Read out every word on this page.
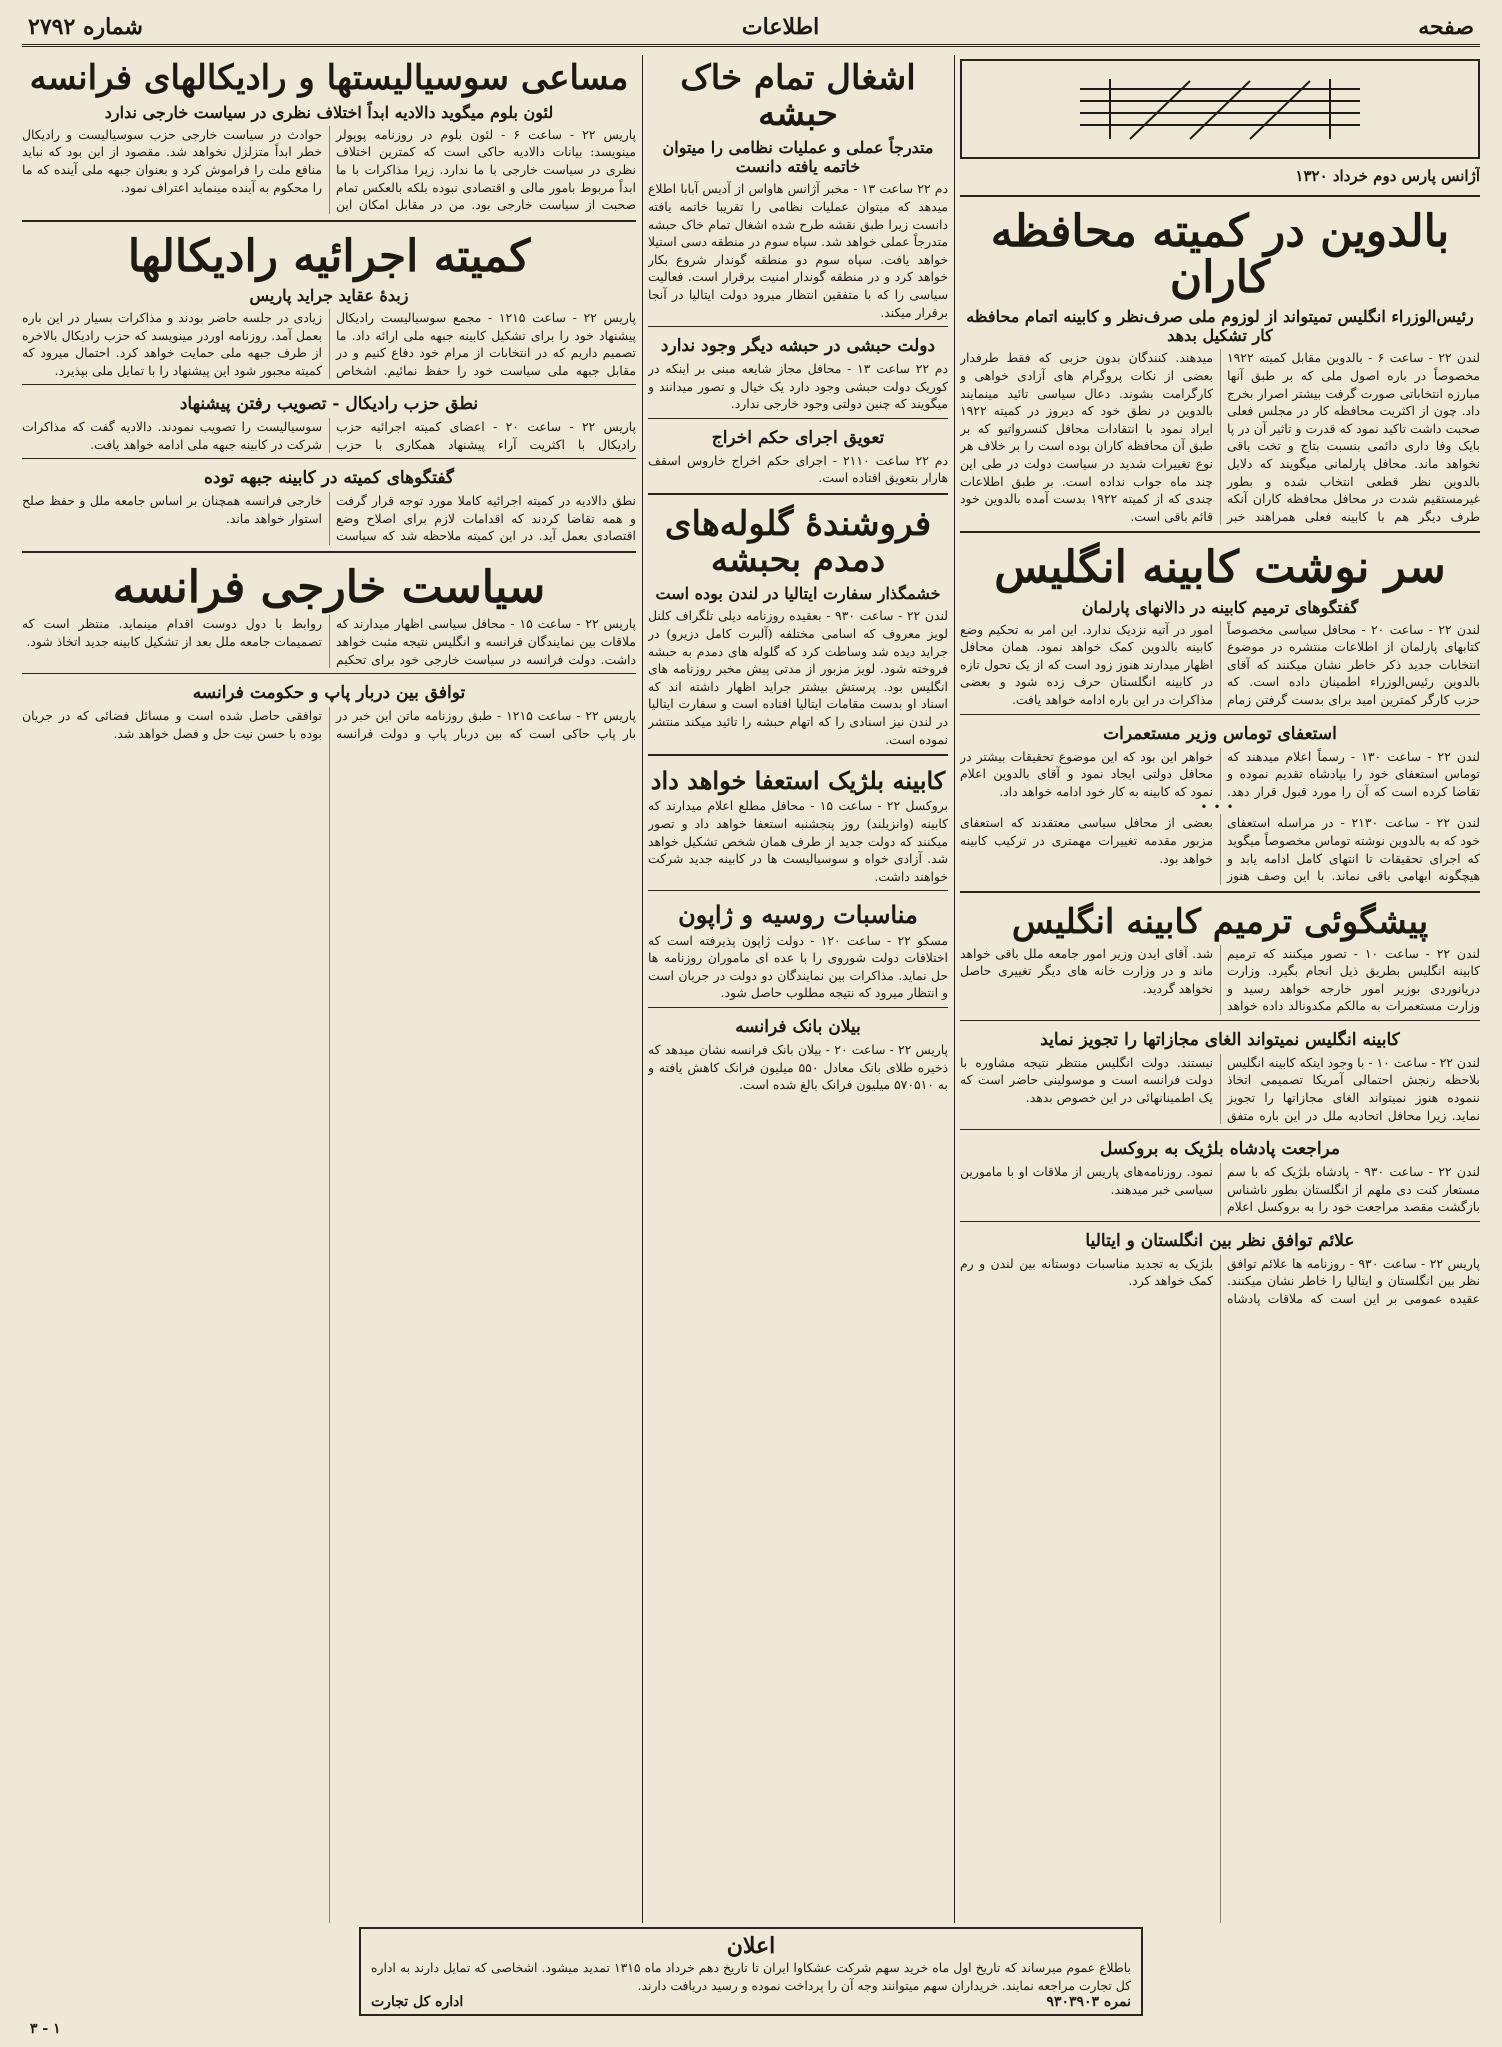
صفحه
اطلاعات
شماره ۲۷۹۲
آژانس پارس دوم خرداد ۱۳۲۰
بالدوین در کمیته محافظه کاران
رئیس‌الوزراء انگلیس تمیتواند از لوزوم ملی صرف‌نظر و کابینه اتمام محافظه کار تشکیل بدهد
لندن ۲۲ - ساعت ۶ - بالدوین مقابل کمیته ۱۹۲۲ مخصوصاً در باره اصول ملی که بر طبق آنها مبارزه انتخاباتی صورت گرفت بیشتر اصرار بخرج داد. چون از اکثریت محافظه کار در مجلس فعلی صحبت داشت تاکید نمود که قدرت و تاثیر آن در پا بایک وفا داری دائمی بنسبت بتاج و تخت باقی نخواهد ماند. محافل پارلمانی میگویند که دلایل بالدوین نظر قطعی انتخاب شده و بطور غیرمستقیم شدت در محافل محافظه کاران آنکه طرف دیگر هم با کابینه فعلی همراهند خبر میدهند. کنندگان بدون حزبی که فقط طرفدار بعضی از نکات پروگرام های آزادی خواهی و کارگرامت بشوند. دعال سیاسی تائید مینمایند بالدوین در نطق خود که دیروز در کمیته ۱۹۲۲ ایراد نمود با انتقادات محافل کنسرواتیو که بر طبق آن محافظه کاران بوده است را بر خلاف هر نوع تغییرات شدید در سیاست دولت در طی این چند ماه جواب نداده است. بر طبق اطلاعات چندی که از کمیته ۱۹۲۲ بدست آمده بالدوین خود قائم باقی است.
سر نوشت کابینه انگلیس
گفتگوهای ترمیم کابینه در دالانهای پارلمان
لندن ۲۲ - ساعت ۲۰ - محافل سیاسی مخصوصاً کتابهای پارلمان از اطلاعات منتشره در موضوع انتخابات جدید ذکر خاطر نشان میکنند که آقای بالدوین رئیس‌الوزراء اطمینان داده است. که حزب کارگر کمترین امید برای بدست گرفتن زمام امور در آتیه نزدیک ندارد. این امر به تحکیم وضع کابینه بالدوین کمک خواهد نمود. همان محافل اظهار میدارند هنوز زود است که از یک تحول تازه در کابینه انگلستان حرف زده شود و بعضی مذاکرات در این باره ادامه خواهد یافت.
استعفای توماس وزیر مستعمرات
لندن ۲۲ - ساعت ۱۳۰ - رسماً اعلام میدهند که توماس استعفای خود را بپادشاه تقدیم نموده و تقاضا کرده است که آن را مورد قبول قرار دهد. خواهر این بود که این موضوع تحقیقات بیشتر در محافل دولتی ایجاد نمود و آقای بالدوین اعلام نمود که کابینه به کار خود ادامه خواهد داد.
•••
لندن ۲۲ - ساعت ۲۱۳۰ - در مراسله استعفای خود که به بالدوین نوشته توماس مخصوصاً میگوید که اجرای تحقیقات تا انتهای کامل ادامه یابد و هیچگونه ابهامی باقی نماند. با این وصف هنوز بعضی از محافل سیاسی معتقدند که استعفای مزبور مقدمه تغییرات مهمتری در ترکیب کابینه خواهد بود.
پیشگوئی ترمیم کابینه انگلیس
لندن ۲۲ - ساعت ۱۰ - تصور میکنند که ترمیم کابینه انگلیس بطریق ذیل انجام بگیرد. وزارت دریانوردی بوزیر امور خارجه خواهد رسید و وزارت مستعمرات به مالکم مکدونالد داده خواهد شد. آقای ایدن وزیر امور جامعه ملل باقی خواهد ماند و در وزارت خانه های دیگر تغییری حاصل نخواهد گردید.
کابینه انگلیس نمیتواند الغای مجازاتها را تجویز نماید
لندن ۲۲ - ساعت ۱۰ - با وجود اینکه کابینه انگلیس بلاحظه رنجش احتمالی آمریکا تصمیمی اتخاذ ننموده هنوز نمیتواند الغای مجازاتها را تجویز نماید. زیرا محافل اتحادیه ملل در این باره متفق نیستند. دولت انگلیس منتظر نتیجه مشاوره با دولت فرانسه است و موسولینی حاضر است که یک اطمینانهائی در این خصوص بدهد.
مراجعت پادشاه بلژیک به بروکسل
لندن ۲۲ - ساعت ۹۳۰ - پادشاه بلژیک که با سم مستعار کنت دی ملهم از انگلستان بطور ناشناس بازگشت مقصد مراجعت خود را به بروکسل اعلام نمود. روزنامه‌های پاریس از ملاقات او با مامورین سیاسی خبر میدهند.
علائم توافق نظر بین انگلستان و ایتالیا
پاریس ۲۲ - ساعت ۹۳۰ - روزنامه ها علائم توافق نظر بین انگلستان و ایتالیا را خاطر نشان میکنند. عقیده عمومی بر این است که ملاقات پادشاه بلژیک به تجدید مناسبات دوستانه بین لندن و رم کمک خواهد کرد.
اشغال تمام خاک حبشه
متدرجاً عملی و عملیات نظامی را میتوان خاتمه یافته دانست
دم ۲۲ ساعت ۱۳ - مخبر آژانس هاواس از آدیس آبابا اطلاع میدهد که میتوان عملیات نظامی را تقریبا خاتمه یافته دانست زیرا طبق نقشه طرح شده اشغال تمام خاک حبشه متدرجاً عملی خواهد شد. سپاه سوم در منطقه دسی استیلا خواهد یافت. سپاه سوم دو منطقه گوندار شروع بکار خواهد کرد و در منطقه گوندار امنیت برقرار است. فعالیت سیاسی را که با متفقین انتظار میرود دولت ایتالیا در آنجا برقرار میکند.
دولت حبشی در حبشه دیگر وجود ندارد
دم ۲۲ ساعت ۱۳ - محافل مجاز شایعه مبنی بر اینکه در کوریک دولت حبشی وجود دارد یک خیال و تصور میدانند و میگویند که چنین دولتی وجود خارجی ندارد.
تعویق اجرای حکم اخراج
دم ۲۲ ساعت ۲۱۱۰ - اجرای حکم اخراج خاروس اسقف هارار بتعویق افتاده است.
فروشندهٔ گلوله‌های دمدم بحبشه
خشمگذار سفارت ایتالیا در لندن بوده است
لندن ۲۲ - ساعت ۹۳۰ - بعقیده روزنامه دیلی تلگراف کلنل لویز معروف که اسامی مختلفه (آلبرت کامل دزیرو) در جراید دیده شد وساطت کرد که گلوله های دمدم به حبشه فروخته شود. لویز مزبور از مدتی پیش مخبر روزنامه های انگلیس بود. پرستش بیشتر جراید اظهار داشته اند که اسناد او بدست مقامات ایتالیا افتاده است و سفارت ایتالیا در لندن نیز اسنادی را که اتهام حبشه را تائید میکند منتشر نموده است.
کابینه بلژیک استعفا خواهد داد
بروکسل ۲۲ - ساعت ۱۵ - محافل مطلع اعلام میدارند که کابینه (وانزیلند) روز پنجشنبه استعفا خواهد داد و تصور میکنند که دولت جدید از طرف همان شخص تشکیل خواهد شد. آزادی خواه و سوسیالیست ها در کابینه جدید شرکت خواهند داشت.
مناسبات روسیه و ژاپون
مسکو ۲۲ - ساعت ۱۲۰ - دولت ژاپون پذیرفته است که اختلافات دولت شوروی را با عده ای ماموران روزنامه ها حل نماید. مذاکرات بین نمایندگان دو دولت در جریان است و انتظار میرود که نتیجه مطلوب حاصل شود.
بیلان بانک فرانسه
پاریس ۲۲ - ساعت ۲۰ - بیلان بانک فرانسه نشان میدهد که ذخیره طلای بانک معادل ۵۵۰ میلیون فرانک کاهش یافته و به ۵۷۰۵۱۰ میلیون فرانک بالغ شده است.
مساعی سوسیالیستها و رادیکالهای فرانسه
لئون بلوم میگوید دالادیه ابداً اختلاف نظری در سیاست خارجی ندارد
پاریس ۲۲ - ساعت ۶ - لئون بلوم در روزنامه پوپولر مینویسد: بیانات دالادیه حاکی است که کمترین اختلاف نظری در سیاست خارجی با ما ندارد. زیرا مذاکرات با ما ابداً مربوط بامور مالی و اقتصادی نبوده بلکه بالعکس تمام صحبت از سیاست خارجی بود. من در مقابل امکان این حوادث در سیاست خارجی حزب سوسیالیست و رادیکال خطر ابداً متزلزل نخواهد شد. مقصود از این بود که نباید منافع ملت را فراموش کرد و بعنوان جبهه ملی آینده که ما را محکوم به آینده مینماید اعتراف نمود.
کمیته اجرائیه رادیکالها
زبدهٔ عقاید جراید پاریس
پاریس ۲۲ - ساعت ۱۲۱۵ - مجمع سوسیالیست رادیکال پیشنهاد خود را برای تشکیل کابینه جبهه ملی ارائه داد. ما تصمیم داریم که در انتخابات از مرام خود دفاع کنیم و در مقابل جبهه ملی سیاست خود را حفظ نمائیم. اشخاص زیادی در جلسه حاضر بودند و مذاکرات بسیار در این باره بعمل آمد. روزنامه اوردر مینویسد که حزب رادیکال بالاخره از طرف جبهه ملی حمایت خواهد کرد. احتمال میرود که کمیته مجبور شود این پیشنهاد را با تمایل ملی بپذیرد.
نطق حزب رادیکال - تصویب رفتن پیشنهاد
پاریس ۲۲ - ساعت ۲۰ - اعضای کمیته اجرائیه حزب رادیکال با اکثریت آراء پیشنهاد همکاری با حزب سوسیالیست را تصویب نمودند. دالادیه گفت که مذاکرات شرکت در کابینه جبهه ملی ادامه خواهد یافت.
گفتگوهای کمیته در کابینه جبهه توده
نطق دالادیه در کمیته اجرائیه کاملا مورد توجه قرار گرفت و همه تقاضا کردند که اقدامات لازم برای اصلاح وضع اقتصادی بعمل آید. در این کمیته ملاحظه شد که سیاست خارجی فرانسه همچنان بر اساس جامعه ملل و حفظ صلح استوار خواهد ماند.
سیاست خارجی فرانسه
پاریس ۲۲ - ساعت ۱۵ - محافل سیاسی اظهار میدارند که ملاقات بین نمایندگان فرانسه و انگلیس نتیجه مثبت خواهد داشت. دولت فرانسه در سیاست خارجی خود برای تحکیم روابط با دول دوست اقدام مینماید. منتظر است که تصمیمات جامعه ملل بعد از تشکیل کابینه جدید اتخاذ شود.
توافق بین دربار پاپ و حکومت فرانسه
پاریس ۲۲ - ساعت ۱۲۱۵ - طبق روزنامه ماتن این خبر در بار پاپ حاکی است که بین دربار پاپ و دولت فرانسه توافقی حاصل شده است و مسائل فضائی که در جریان بوده با حسن نیت حل و فصل خواهد شد.
اعلان
باطلاع عموم میرساند که تاریخ اول ماه خرید سهم شرکت عشکاوا ایران تا تاریخ دهم خرداد ماه ۱۳۱۵ تمدید میشود. اشخاصی که تمایل دارند به اداره کل تجارت مراجعه نمایند. خریداران سهم میتوانند وجه آن را پرداخت نموده و رسید دریافت دارند.
نمره ۹۳۰۳۹۰۳
اداره کل تجارت
۳ - ۱
